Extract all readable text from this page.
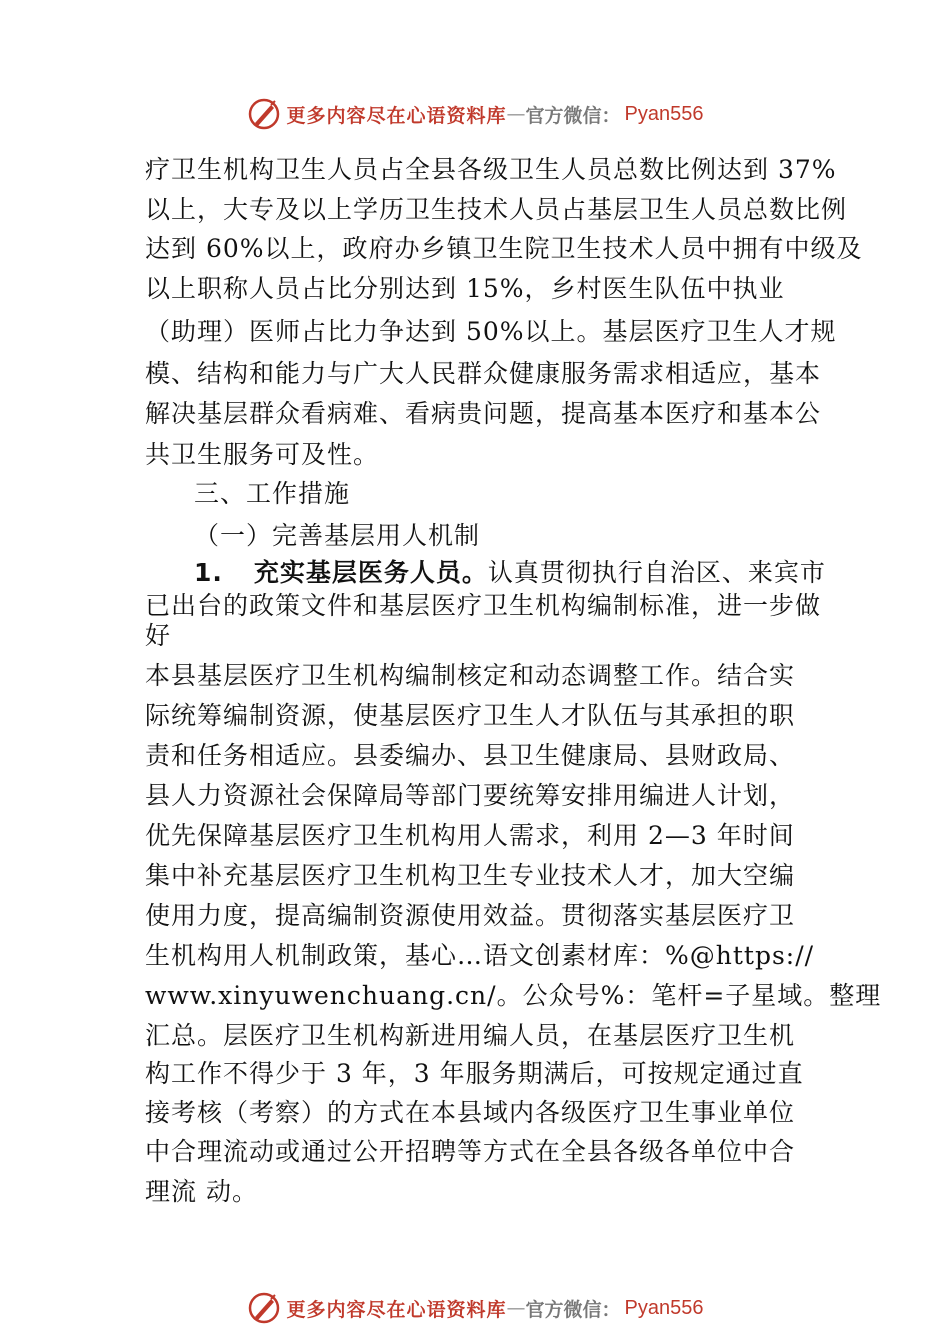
更多内容尽在心语资料库 — 官方微信： Pyan556
疗卫生机构卫生人员占全县各级卫生人员总数比例达到 37%
以上，大专及以上学历卫生技术人员占基层卫生人员总数比例
达到 60%以上，政府办乡镇卫生院卫生技术人员中拥有中级及
以上职称人员占比分别达到 15%，乡村医生队伍中执业
（助理）医师占比力争达到 50%以上。基层医疗卫生人才规
模、结构和能力与广大人民群众健康服务需求相适应，基本
解决基层群众看病难、看病贵问题，提高基本医疗和基本公
共卫生服务可及性。
三、工作措施
（一）完善基层用人机制
1. 充实基层医务人员。认真贯彻执行自治区、来宾市
已出台的政策文件和基层医疗卫生机构编制标准，进一步做
好
本县基层医疗卫生机构编制核定和动态调整工作。结合实
际统筹编制资源，使基层医疗卫生人才队伍与其承担的职
责和任务相适应。县委编办、县卫生健康局、县财政局、
县人力资源社会保障局等部门要统筹安排用编进人计划，
优先保障基层医疗卫生机构用人需求，利用 2—3 年时间
集中补充基层医疗卫生机构卫生专业技术人才，加大空编
使用力度，提高编制资源使用效益。贯彻落实基层医疗卫
生机构用人机制政策，基心…语文创素材库：%@https://
www.xinyuwenchuang.cn/。公众号%：笔杆=子星域。整理
汇总。层医疗卫生机构新进用编人员，在基层医疗卫生机
构工作不得少于 3 年，3 年服务期满后，可按规定通过直
接考核（考察）的方式在本县域内各级医疗卫生事业单位
中合理流动或通过公开招聘等方式在全县各级各单位中合
理流 动。
更多内容尽在心语资料库 — 官方微信： Pyan556
